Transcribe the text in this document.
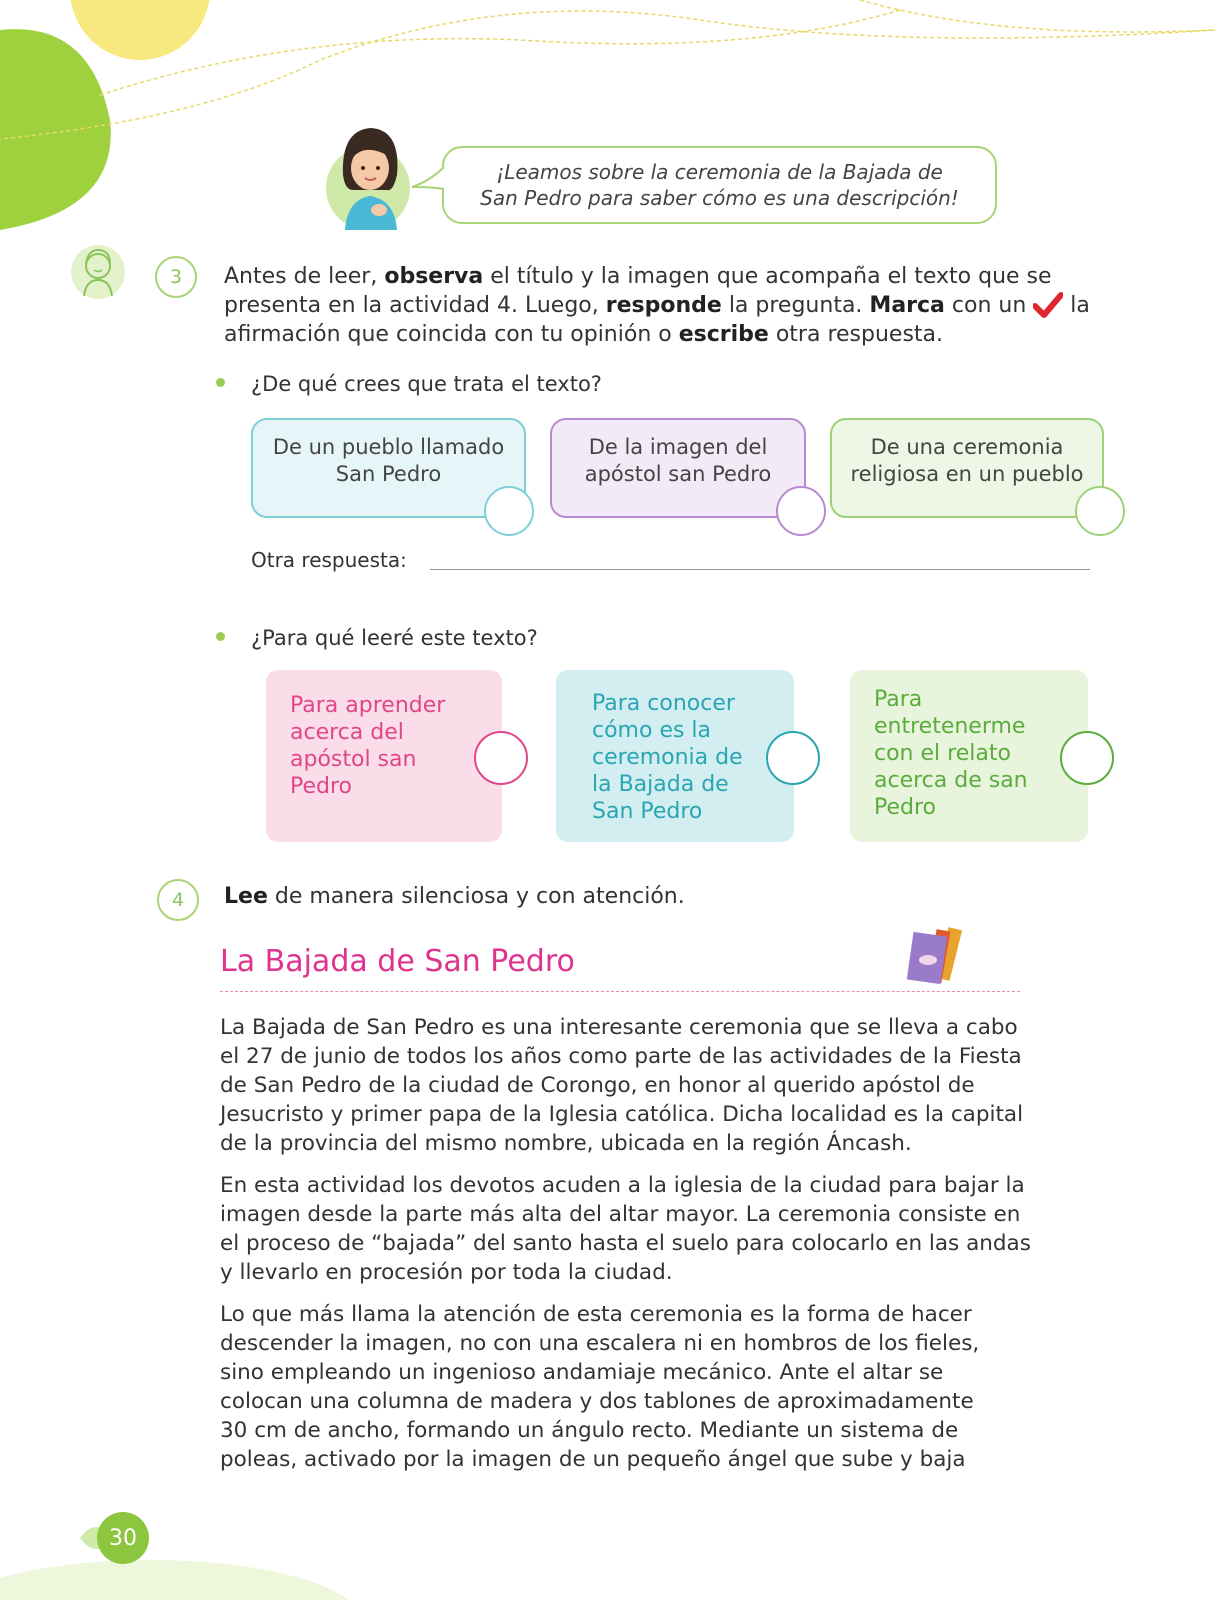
¡Leamos sobre la ceremonia de la Bajada de
San Pedro para saber cómo es una descripción!
3	Antes de leer, observa el título y la imagen que acompaña el texto que se presenta en la actividad 4. Luego, responde la pregunta. Marca con un  la afirmación que coincida con tu opinión o escribe otra respuesta.
¿De qué crees que trata el texto?
De un pueblo llamado
San Pedro
De la imagen del
apóstol san Pedro
De una ceremonia
religiosa en un pueblo
Otra respuesta:
¿Para qué leeré este texto?
Para aprender
acerca del
apóstol san
Pedro
Para conocer
cómo es la
ceremonia de
la Bajada de
San Pedro
Para
entretenerme
con el relato
acerca de san
Pedro
4	Lee de manera silenciosa y con atención.
La Bajada de San Pedro

La Bajada de San Pedro es una interesante ceremonia que se lleva a cabo

el 27 de junio de todos los años como parte de las actividades de la Fiesta

de San Pedro de la ciudad de Corongo, en honor al querido apóstol de

Jesucristo y primer papa de la Iglesia católica. Dicha localidad es la capital

de la provincia del mismo nombre, ubicada en la región Áncash.

En esta actividad los devotos acuden a la iglesia de la ciudad para bajar la

imagen desde la parte más alta del altar mayor. La ceremonia consiste en

el proceso de “bajada” del santo hasta el suelo para colocarlo en las andas

y llevarlo en procesión por toda la ciudad.

Lo que más llama la atención de esta ceremonia es la forma de hacer

descender la imagen, no con una escalera ni en hombros de los fieles,

sino empleando un ingenioso andamiaje mecánico. Ante el altar se

colocan una columna de madera y dos tablones de aproximadamente

30 cm de ancho, formando un ángulo recto. Mediante un sistema de

poleas, activado por la imagen de un pequeño ángel que sube y baja

30
